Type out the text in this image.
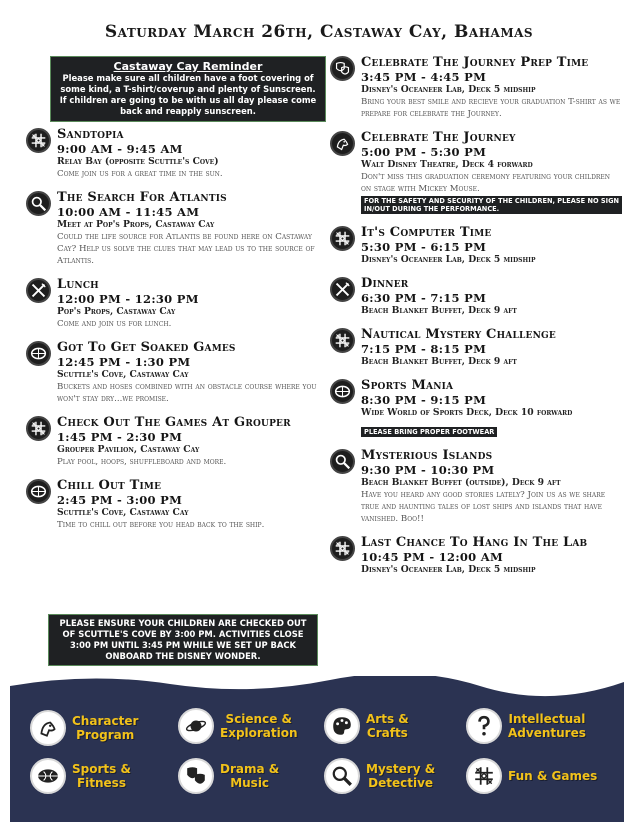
Saturday March 26th, Castaway Cay, Bahamas
Castaway Cay Reminder
Please make sure all children have a foot covering of some kind, a T-shirt/coverup and plenty of Sunscreen. If children are going to be with us all day please come back and reapply sunscreen.
Sandtopia
9:00 AM - 9:45 AM
Relay Bay (opposite Scuttle's Cove)
Come join us for a great time in the sun.
The Search For Atlantis
10:00 AM - 11:45 AM
Meet at Pop's Props, Castaway Cay
Could the life source for Atlantis be found here on Castaway Cay? Help us solve the clues that may lead us to the source of Atlantis.
Lunch
12:00 PM - 12:30 PM
Pop's Props, Castaway Cay
Come and join us for lunch.
Got To Get Soaked Games
12:45 PM - 1:30 PM
Scuttle's Cove, Castaway Cay
Buckets and hoses combined with an obstacle course where you won't stay dry...we promise.
Check Out The Games At Grouper
1:45 PM - 2:30 PM
Grouper Pavilion, Castaway Cay
Play pool, hoops, shuffleboard and more.
Chill Out Time
2:45 PM - 3:00 PM
Scuttle's Cove, Castaway Cay
Time to chill out before you head back to the ship.
PLEASE ENSURE YOUR CHILDREN ARE CHECKED OUT OF SCUTTLE'S COVE BY 3:00 PM. ACTIVITIES CLOSE 3:00 PM UNTIL 3:45 PM WHILE WE SET UP BACK ONBOARD THE DISNEY WONDER.
Celebrate The Journey Prep Time
3:45 PM - 4:45 PM
Disney's Oceaneer Lab, Deck 5 midship
Bring your best smile and recieve your graduation T-shirt as we prepare for celebrate the Journey.
Celebrate The Journey
5:00 PM - 5:30 PM
Walt Disney Theatre, Deck 4 forward
Don't miss this graduation ceremony featuring your children on stage with Mickey Mouse.
FOR THE SAFETY AND SECURITY OF THE CHILDREN, PLEASE NO SIGN IN/OUT DURING THE PERFORMANCE.
It's Computer Time
5:30 PM - 6:15 PM
Disney's Oceaneer Lab, Deck 5 midship
Dinner
6:30 PM - 7:15 PM
Beach Blanket Buffet, Deck 9 aft
Nautical Mystery Challenge
7:15 PM - 8:15 PM
Beach Blanket Buffet, Deck 9 aft
Sports Mania
8:30 PM - 9:15 PM
Wide World of Sports Deck, Deck 10 forward
PLEASE BRING PROPER FOOTWEAR
Mysterious Islands
9:30 PM - 10:30 PM
Beach Blanket Buffet (outside), Deck 9 aft
Have you heard any good stories lately? Join us as we share true and haunting tales of lost ships and islands that have vanished. Boo!!
Last Chance To Hang In The Lab
10:45 PM - 12:00 AM
Disney's Oceaneer Lab, Deck 5 midship
Character
Program
Science &
Exploration
Arts &
Crafts
Intellectual
Adventures
Sports &
Fitness
Drama &
Music
Mystery &
Detective	Fun & Games
